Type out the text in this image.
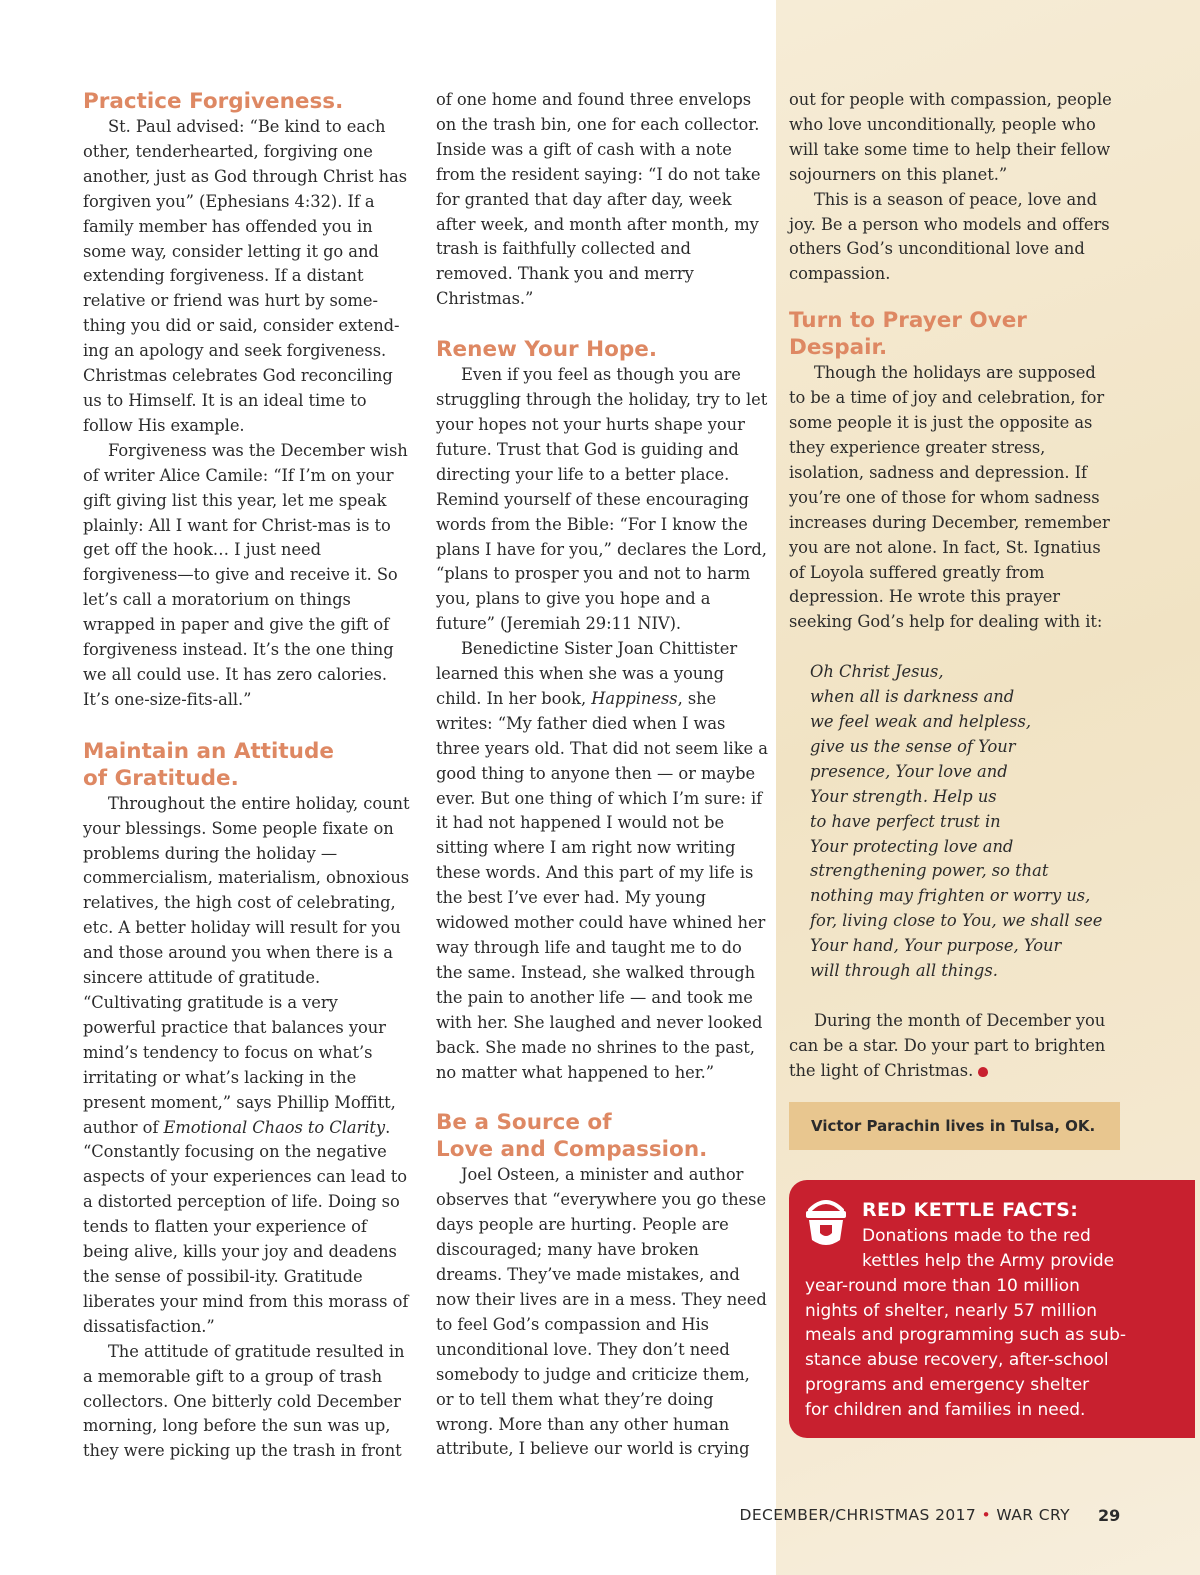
Practice Forgiveness.

St. Paul advised: “Be kind to each other, tenderhearted, forgiving one another, just as God through Christ has forgiven you” (Ephesians 4:32). If a family member has offended you in some way, consider letting it go and extending forgiveness. If a distant relative or friend was hurt by some-thing you did or said, consider extend-ing an apology and seek forgiveness. Christmas celebrates God reconciling us to Himself. It is an ideal time to follow His example.

Forgiveness was the December wish of writer Alice Camile: “If I’m on your gift giving list this year, let me speak plainly: All I want for Christ-mas is to get off the hook… I just need forgiveness—to give and receive it. So let’s call a moratorium on things wrapped in paper and give the gift of forgiveness instead. It’s the one thing we all could use. It has zero calories. It’s one-size-fits-all.”

Maintain an Attitude
of Gratitude.

Throughout the entire holiday, count your blessings. Some people fixate on problems during the holiday — commercialism, materialism, obnoxious relatives, the high cost of celebrating, etc. A better holiday will result for you and those around you when there is a sincere attitude of gratitude. “Cultivating gratitude is a very powerful practice that balances your mind’s tendency to focus on what’s irritating or what’s lacking in the present moment,” says Phillip Moffitt, author of Emotional Chaos to Clarity. “Constantly focusing on the negative aspects of your experiences can lead to a distorted perception of life. Doing so tends to flatten your experience of being alive, kills your joy and deadens the sense of possibil-ity. Gratitude liberates your mind from this morass of dissatisfaction.”

The attitude of gratitude resulted in a memorable gift to a group of trash collectors. One bitterly cold December morning, long before the sun was up, they were picking up the trash in front

of one home and found three envelops on the trash bin, one for each collector. Inside was a gift of cash with a note from the resident saying: “I do not take for granted that day after day, week after week, and month after month, my trash is faithfully collected and removed. Thank you and merry Christmas.”

Renew Your Hope.

Even if you feel as though you are struggling through the holiday, try to let your hopes not your hurts shape your future. Trust that God is guiding and directing your life to a better place. Remind yourself of these encouraging words from the Bible: “For I know the plans I have for you,” declares the Lord, “plans to prosper you and not to harm you, plans to give you hope and a future” (Jeremiah 29:11 NIV).

Benedictine Sister Joan Chittister learned this when she was a young child. In her book, Happiness, she writes: “My father died when I was three years old. That did not seem like a good thing to anyone then — or maybe ever. But one thing of which I’m sure: if it had not happened I would not be sitting where I am right now writing these words. And this part of my life is the best I’ve ever had. My young widowed mother could have whined her way through life and taught me to do the same. Instead, she walked through the pain to another life — and took me with her. She laughed and never looked back. She made no shrines to the past, no matter what happened to her.”

Be a Source of
Love and Compassion.

Joel Osteen, a minister and author observes that “everywhere you go these days people are hurting. People are discouraged; many have broken dreams. They’ve made mistakes, and now their lives are in a mess. They need to feel God’s compassion and His unconditional love. They don’t need somebody to judge and criticize them, or to tell them what they’re doing wrong. More than any other human attribute, I believe our world is crying

out for people with compassion, people who love unconditionally, people who will take some time to help their fellow sojourners on this planet.”

This is a season of peace, love and joy. Be a person who models and offers others God’s unconditional love and compassion.

Turn to Prayer Over
Despair.

Though the holidays are supposed to be a time of joy and celebration, for some people it is just the opposite as they experience greater stress, isolation, sadness and depression. If you’re one of those for whom sadness increases during December, remember you are not alone. In fact, St. Ignatius of Loyola suffered greatly from depression. He wrote this prayer seeking God’s help for dealing with it:

Oh Christ Jesus,
when all is darkness and
we feel weak and helpless,
give us the sense of Your
presence, Your love and
Your strength. Help us
to have perfect trust in
Your protecting love and
strengthening power, so that
nothing may frighten or worry us,
for, living close to You, we shall see
Your hand, Your purpose, Your
will through all things.

During the month of December you can be a star. Do your part to brighten the light of Christmas.

Victor Parachin lives in Tulsa, OK.
RED KETTLE FACTS:
Donations made to the red
kettles help the Army provide
year-round more than 10 million
nights of shelter, nearly 57 million
meals and programming such as sub-
stance abuse recovery, after-school
programs and emergency shelter
for children and families in need.
DECEMBER/CHRISTMAS 2017 • WAR CRY 29
